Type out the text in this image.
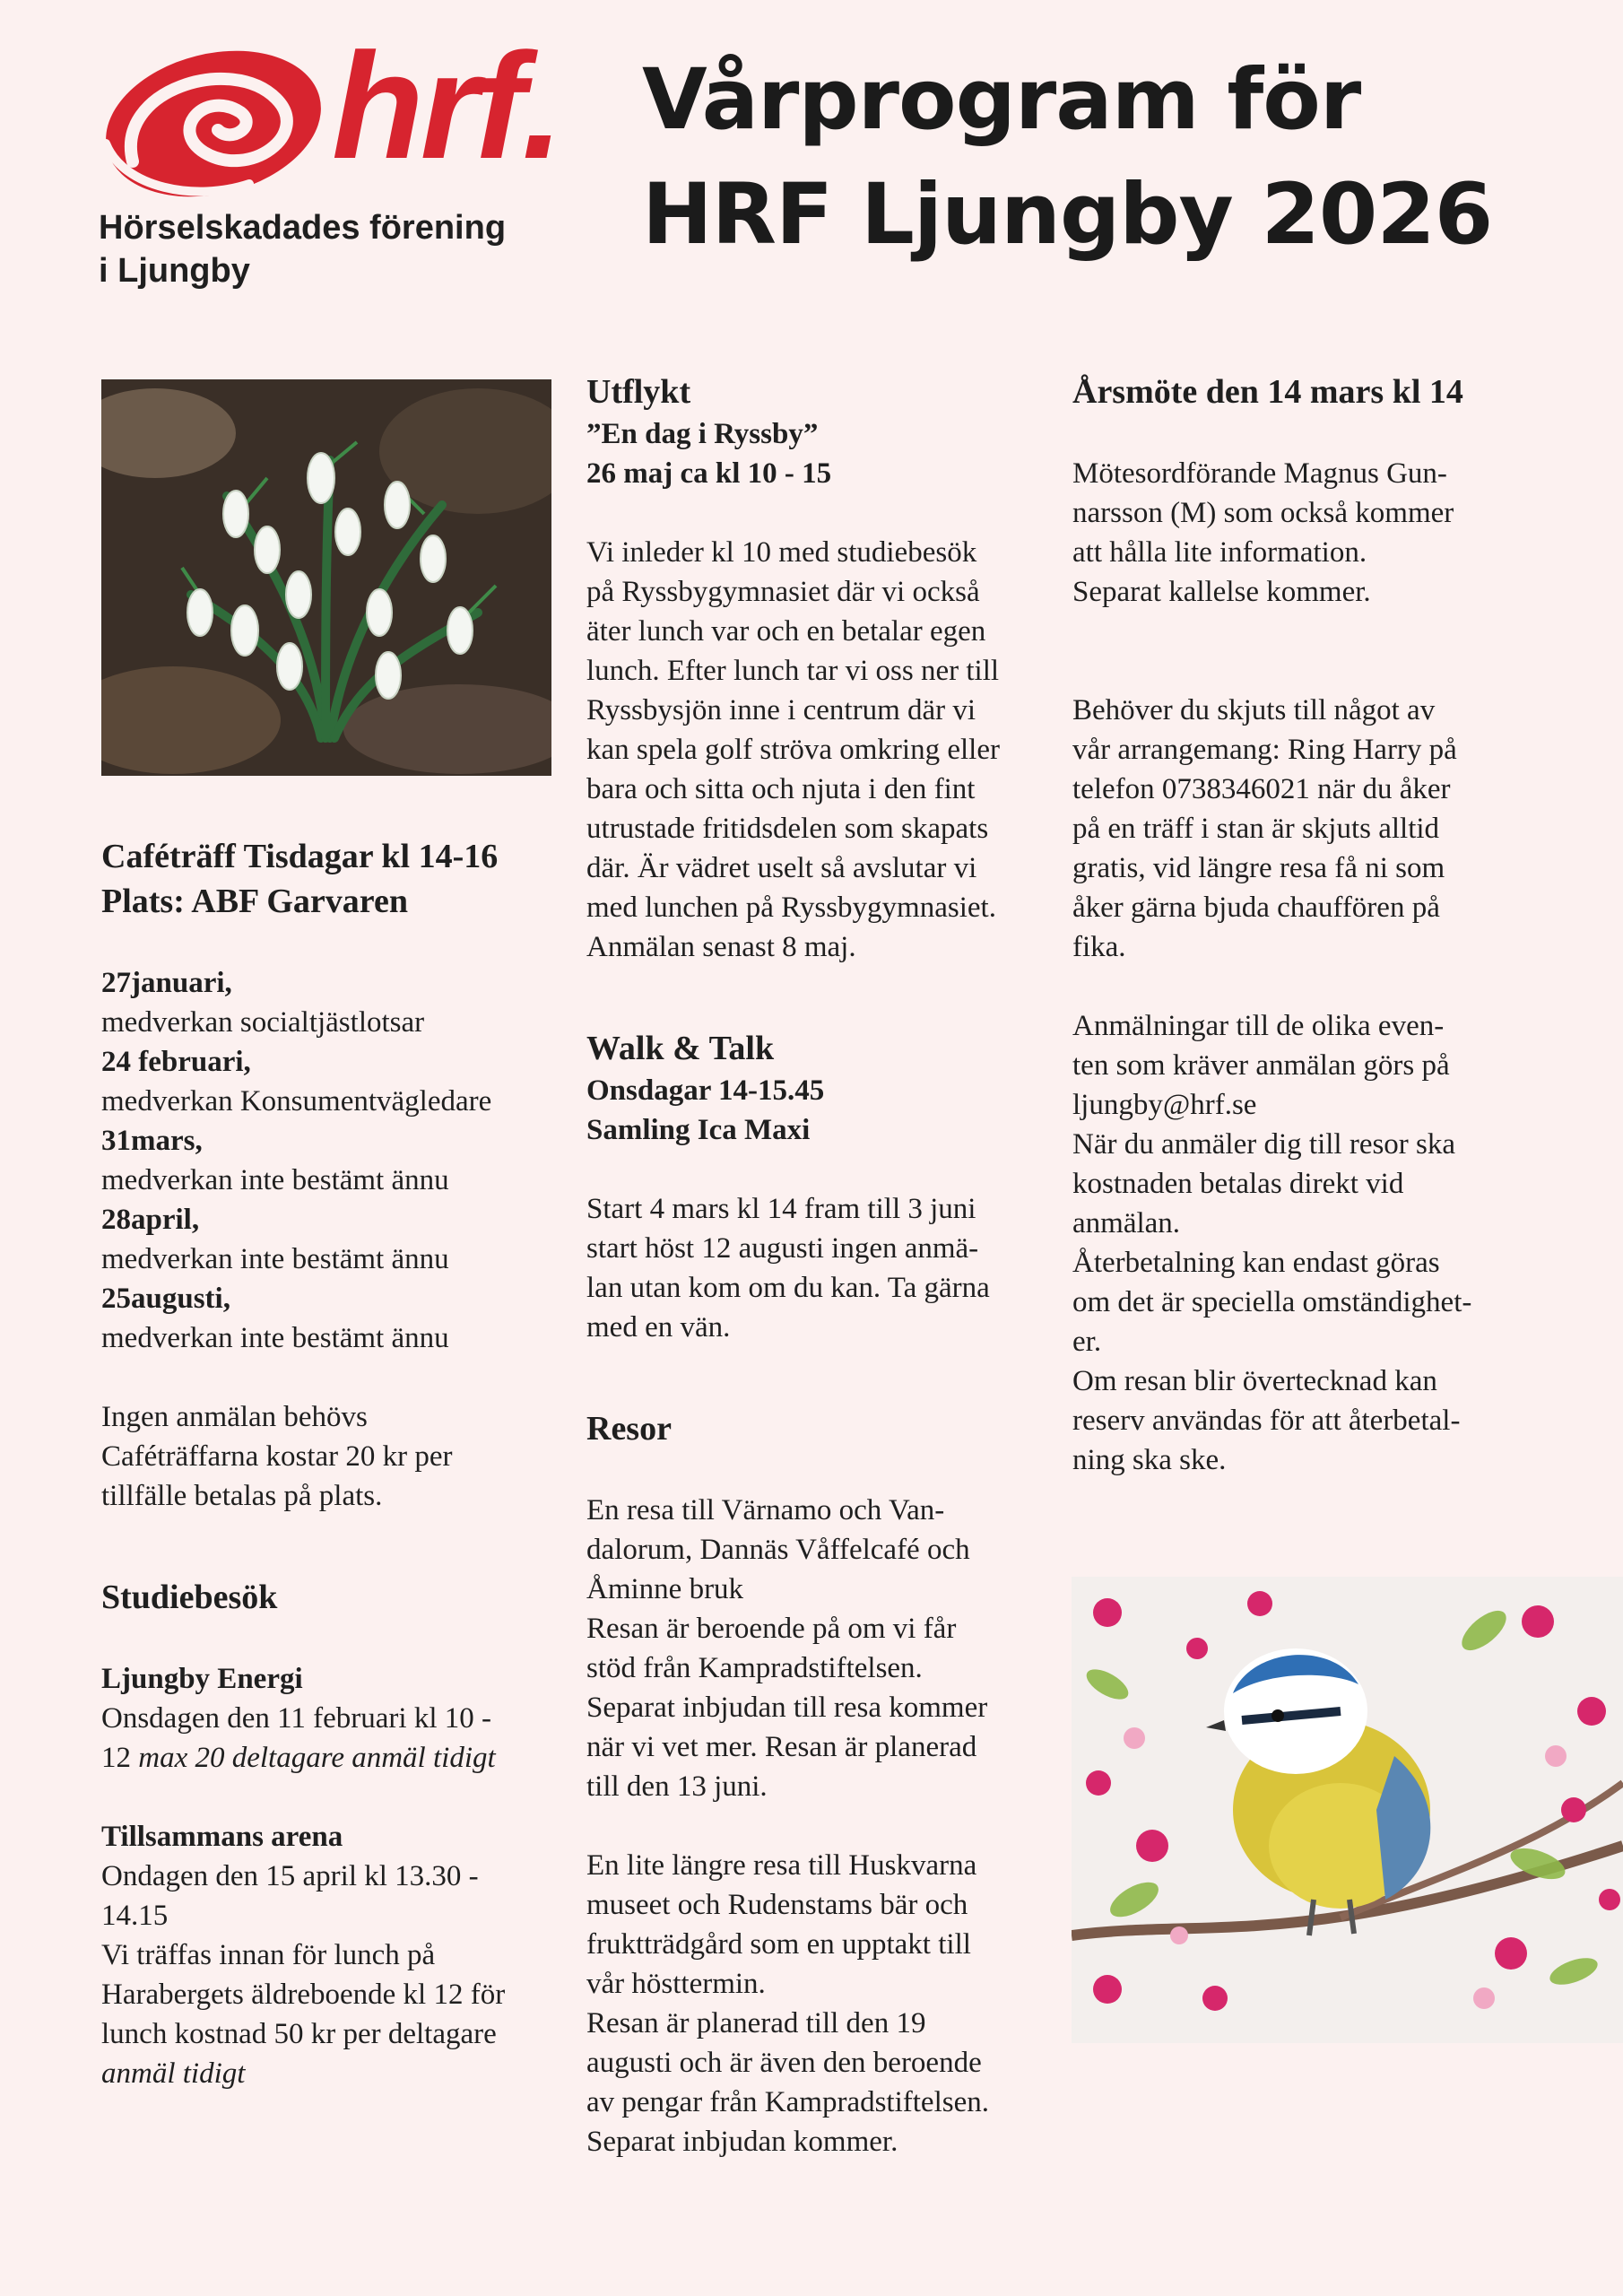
hrf.
Hörselskadades förening
i Ljungby
Vårprogram för
HRF Ljungby 2026

Caféträff Tisdagar kl 14-16

Plats: ABF Garvaren

27januari,

medverkan socialtjästlotsar

24 februari,

medverkan Konsumentvägledare

31mars,

medverkan inte bestämt ännu

28april,

medverkan inte bestämt ännu

25augusti,

medverkan inte bestämt ännu

Ingen anmälan behövs

Caféträffarna kostar 20 kr per

tillfälle betalas på plats.

Studiebesök

Ljungby Energi

Onsdagen den 11 februari kl 10 -

12 max 20 deltagare anmäl tidigt

Tillsammans arena

Ondagen den 15 april kl 13.30 -

14.15

Vi träffas innan för lunch på

Harabergets äldreboende kl 12 för

lunch kostnad 50 kr per deltagare

anmäl tidigt

Utflykt

”En dag i Ryssby”

26 maj ca kl 10 - 15

Vi inleder kl 10 med studiebesök

på Ryssbygymnasiet där vi också

äter lunch var och en betalar egen

lunch. Efter lunch tar vi oss ner till

Ryssbysjön inne i centrum där vi

kan spela golf ströva omkring eller

bara och sitta och njuta i den fint

utrustade fritidsdelen som skapats

där. Är vädret uselt så avslutar vi

med lunchen på Ryssbygymnasiet.

Anmälan senast 8 maj.

Walk & Talk

Onsdagar 14-15.45

Samling Ica Maxi

Start 4 mars kl 14 fram till 3 juni

start höst 12 augusti ingen anmä-

lan utan kom om du kan. Ta gärna

med en vän.

Resor

En resa till Värnamo och Van-

dalorum, Dannäs Våffelcafé och

Åminne bruk

Resan är beroende på om vi får

stöd från Kampradstiftelsen.

Separat inbjudan till resa kommer

när vi vet mer. Resan är planerad

till den 13 juni.

En lite längre resa till Huskvarna

museet och Rudenstams bär och

fruktträdgård som en upptakt till

vår hösttermin.

Resan är planerad till den 19

augusti och är även den beroende

av pengar från Kampradstiftelsen.

Separat inbjudan kommer.

Årsmöte den 14 mars kl 14

Mötesordförande Magnus Gun-

narsson (M) som också kommer

att hålla lite information.

Separat kallelse kommer.

Behöver du skjuts till något av

vår arrangemang: Ring Harry på

telefon 0738346021 när du åker

på en träff i stan är skjuts alltid

gratis, vid längre resa få ni som

åker gärna bjuda chauffören på

fika.

Anmälningar till de olika even-

ten som kräver anmälan görs på

ljungby@hrf.se

När du anmäler dig till resor ska

kostnaden betalas direkt vid

anmälan.

Återbetalning kan endast göras

om det är speciella omständighet-

er.

Om resan blir övertecknad kan

reserv användas för att återbetal-

ning ska ske.
